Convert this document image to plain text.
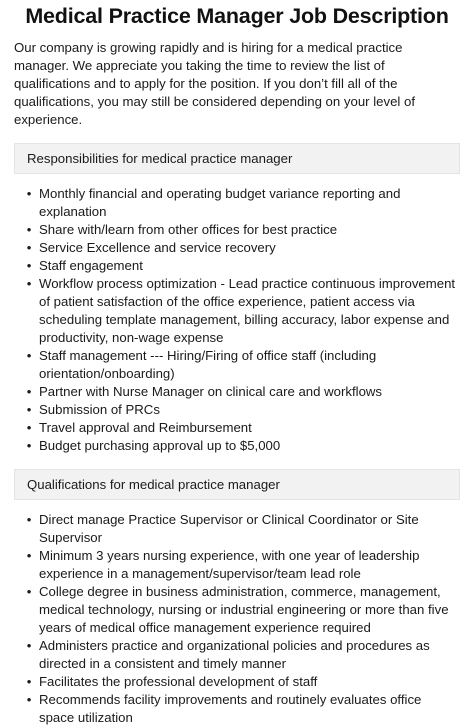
Medical Practice Manager Job Description

Our company is growing rapidly and is hiring for a medical practice manager. We appreciate you taking the time to review the list of qualifications and to apply for the position. If you don’t fill all of the qualifications, you may still be considered depending on your level of experience.

Responsibilities for medical practice manager
• Monthly financial and operating budget variance reporting and explanation
• Share with/learn from other offices for best practice
• Service Excellence and service recovery
• Staff engagement
• Workflow process optimization - Lead practice continuous improvement of patient satisfaction of the office experience, patient access via scheduling template management, billing accuracy, labor expense and productivity, non-wage expense
• Staff management --- Hiring/Firing of office staff (including orientation/onboarding)
• Partner with Nurse Manager on clinical care and workflows
• Submission of PRCs
• Travel approval and Reimbursement
• Budget purchasing approval up to $5,000
Qualifications for medical practice manager
• Direct manage Practice Supervisor or Clinical Coordinator or Site Supervisor
• Minimum 3 years nursing experience, with one year of leadership experience in a management/supervisor/team lead role
• College degree in business administration, commerce, management, medical technology, nursing or industrial engineering or more than five years of medical office management experience required
• Administers practice and organizational policies and procedures as directed in a consistent and timely manner
• Facilitates the professional development of staff
• Recommends facility improvements and routinely evaluates office space utilization
